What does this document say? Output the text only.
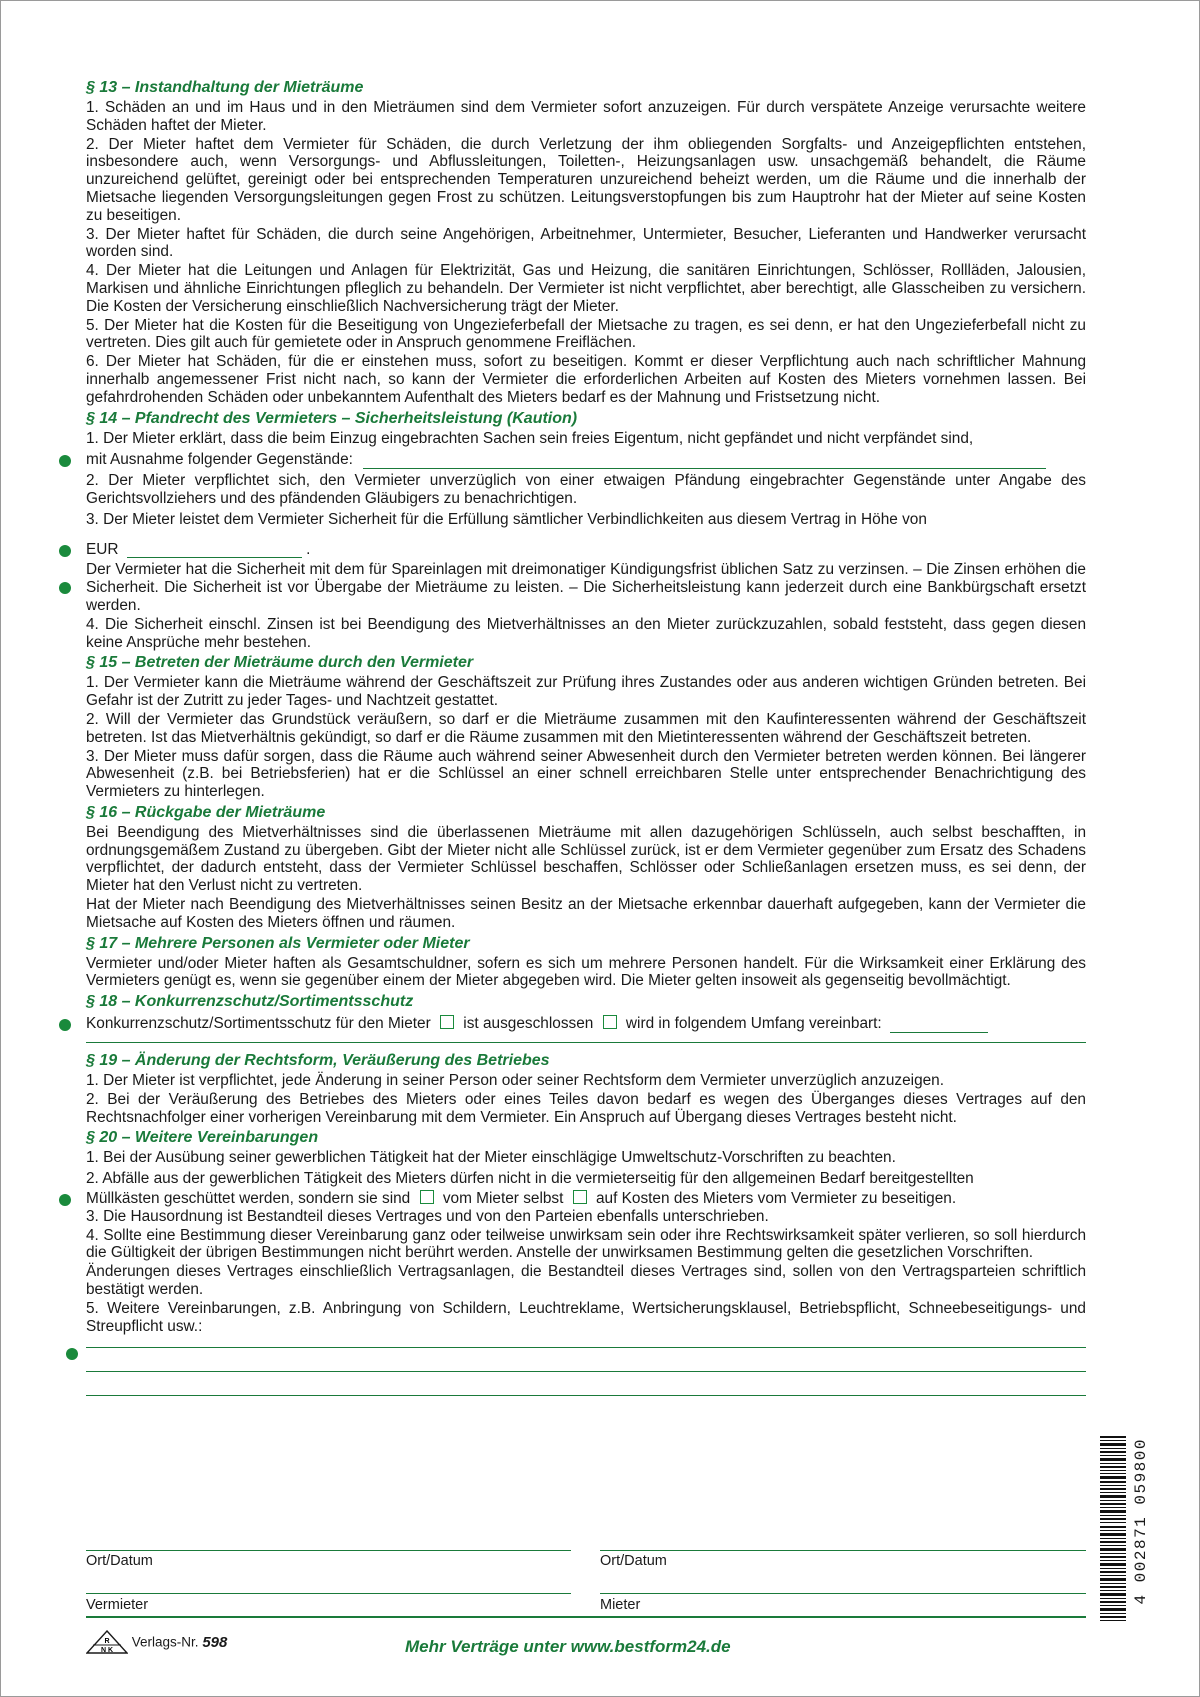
§ 13 – Instandhaltung der Mieträume
1. Schäden an und im Haus und in den Mieträumen sind dem Vermieter sofort anzuzeigen. Für durch verspätete Anzeige verursachte weitere Schäden haftet der Mieter.
2. Der Mieter haftet dem Vermieter für Schäden, die durch Verletzung der ihm obliegenden Sorgfalts- und Anzeigepflichten entstehen, insbesondere auch, wenn Versorgungs- und Abflussleitungen, Toiletten-, Heizungsanlagen usw. unsachgemäß behandelt, die Räume unzureichend gelüftet, gereinigt oder bei entsprechenden Temperaturen unzureichend beheizt werden, um die Räume und die innerhalb der Mietsache liegenden Versorgungsleitungen gegen Frost zu schützen. Leitungsverstopfungen bis zum Hauptrohr hat der Mieter auf seine Kosten zu beseitigen.
3. Der Mieter haftet für Schäden, die durch seine Angehörigen, Arbeitnehmer, Untermieter, Besucher, Lieferanten und Handwerker verursacht worden sind.
4. Der Mieter hat die Leitungen und Anlagen für Elektrizität, Gas und Heizung, die sanitären Einrichtungen, Schlösser, Rollläden, Jalousien, Markisen und ähnliche Einrichtungen pfleglich zu behandeln. Der Vermieter ist nicht verpflichtet, aber berechtigt, alle Glasscheiben zu versichern. Die Kosten der Versicherung einschließlich Nachversicherung trägt der Mieter.
5. Der Mieter hat die Kosten für die Beseitigung von Ungezieferbefall der Mietsache zu tragen, es sei denn, er hat den Ungezieferbefall nicht zu vertreten. Dies gilt auch für gemietete oder in Anspruch genommene Freiflächen.
6. Der Mieter hat Schäden, für die er einstehen muss, sofort zu beseitigen. Kommt er dieser Verpflichtung auch nach schriftlicher Mahnung innerhalb angemessener Frist nicht nach, so kann der Vermieter die erforderlichen Arbeiten auf Kosten des Mieters vornehmen lassen. Bei gefahrdrohenden Schäden oder unbekanntem Aufenthalt des Mieters bedarf es der Mahnung und Fristsetzung nicht.
§ 14 – Pfandrecht des Vermieters – Sicherheitsleistung (Kaution)
1. Der Mieter erklärt, dass die beim Einzug eingebrachten Sachen sein freies Eigentum, nicht gepfändet und nicht verpfändet sind,
mit Ausnahme folgender Gegenstände:
2. Der Mieter verpflichtet sich, den Vermieter unverzüglich von einer etwaigen Pfändung eingebrachter Gegenstände unter Angabe des Gerichtsvollziehers und des pfändenden Gläubigers zu benachrichtigen.
3. Der Mieter leistet dem Vermieter Sicherheit für die Erfüllung sämtlicher Verbindlichkeiten aus diesem Vertrag in Höhe von
EUR	.
Der Vermieter hat die Sicherheit mit dem für Spareinlagen mit dreimonatiger Kündigungsfrist üblichen Satz zu verzinsen. – Die Zinsen erhöhen die Sicherheit. Die Sicherheit ist vor Übergabe der Mieträume zu leisten. – Die Sicherheitsleistung kann jederzeit durch eine Bankbürgschaft ersetzt werden.
4. Die Sicherheit einschl. Zinsen ist bei Beendigung des Mietverhältnisses an den Mieter zurückzuzahlen, sobald feststeht, dass gegen diesen keine Ansprüche mehr bestehen.
§ 15 – Betreten der Mieträume durch den Vermieter
1. Der Vermieter kann die Mieträume während der Geschäftszeit zur Prüfung ihres Zustandes oder aus anderen wichtigen Gründen betreten. Bei Gefahr ist der Zutritt zu jeder Tages- und Nachtzeit gestattet.
2. Will der Vermieter das Grundstück veräußern, so darf er die Mieträume zusammen mit den Kaufinteressenten während der Geschäftszeit betreten. Ist das Mietverhältnis gekündigt, so darf er die Räume zusammen mit den Mietinteressenten während der Geschäftszeit betreten.
3. Der Mieter muss dafür sorgen, dass die Räume auch während seiner Abwesenheit durch den Vermieter betreten werden können. Bei längerer Abwesenheit (z.B. bei Betriebsferien) hat er die Schlüssel an einer schnell erreichbaren Stelle unter entsprechender Benachrichtigung des Vermieters zu hinterlegen.
§ 16 – Rückgabe der Mieträume
Bei Beendigung des Mietverhältnisses sind die überlassenen Mieträume mit allen dazugehörigen Schlüsseln, auch selbst beschafften, in ordnungsgemäßem Zustand zu übergeben. Gibt der Mieter nicht alle Schlüssel zurück, ist er dem Vermieter gegenüber zum Ersatz des Schadens verpflichtet, der dadurch entsteht, dass der Vermieter Schlüssel beschaffen, Schlösser oder Schließanlagen ersetzen muss, es sei denn, der Mieter hat den Verlust nicht zu vertreten.
Hat der Mieter nach Beendigung des Mietverhältnisses seinen Besitz an der Mietsache erkennbar dauerhaft aufgegeben, kann der Vermieter die Mietsache auf Kosten des Mieters öffnen und räumen.
§ 17 – Mehrere Personen als Vermieter oder Mieter
Vermieter und/oder Mieter haften als Gesamtschuldner, sofern es sich um mehrere Personen handelt. Für die Wirksamkeit einer Erklärung des Vermieters genügt es, wenn sie gegenüber einem der Mieter abgegeben wird. Die Mieter gelten insoweit als gegenseitig bevollmächtigt.
§ 18 – Konkurrenzschutz/Sortimentsschutz
Konkurrenzschutz/Sortimentsschutz für den Mieter ist ausgeschlossen wird in folgendem Umfang vereinbart:
§ 19 – Änderung der Rechtsform, Veräußerung des Betriebes
1. Der Mieter ist verpflichtet, jede Änderung in seiner Person oder seiner Rechtsform dem Vermieter unverzüglich anzuzeigen.
2. Bei der Veräußerung des Betriebes des Mieters oder eines Teiles davon bedarf es wegen des Überganges dieses Vertrages auf den Rechtsnachfolger einer vorherigen Vereinbarung mit dem Vermieter. Ein Anspruch auf Übergang dieses Vertrages besteht nicht.
§ 20 – Weitere Vereinbarungen
1. Bei der Ausübung seiner gewerblichen Tätigkeit hat der Mieter einschlägige Umweltschutz-Vorschriften zu beachten.
2. Abfälle aus der gewerblichen Tätigkeit des Mieters dürfen nicht in die vermieterseitig für den allgemeinen Bedarf bereitgestellten
Müllkästen geschüttet werden, sondern sie sind vom Mieter selbst auf Kosten des Mieters vom Vermieter zu beseitigen.
3. Die Hausordnung ist Bestandteil dieses Vertrages und von den Parteien ebenfalls unterschrieben.
4. Sollte eine Bestimmung dieser Vereinbarung ganz oder teilweise unwirksam sein oder ihre Rechtswirksamkeit später verlieren, so soll hierdurch die Gültigkeit der übrigen Bestimmungen nicht berührt werden. Anstelle der unwirksamen Bestimmung gelten die gesetzlichen Vorschriften.
Änderungen dieses Vertrages einschließlich Vertragsanlagen, die Bestandteil dieses Vertrages sind, sollen von den Vertragsparteien schriftlich bestätigt werden.
5. Weitere Vereinbarungen, z.B. Anbringung von Schildern, Leuchtreklame, Wertsicherungsklausel, Betriebspflicht, Schneebeseitigungs- und Streupflicht usw.:
Ort/Datum	Ort/Datum
Vermieter	Mieter
R
N K
Verlags-Nr. 598	Mehr Verträge unter www.bestform24.de
4 002871 059800
